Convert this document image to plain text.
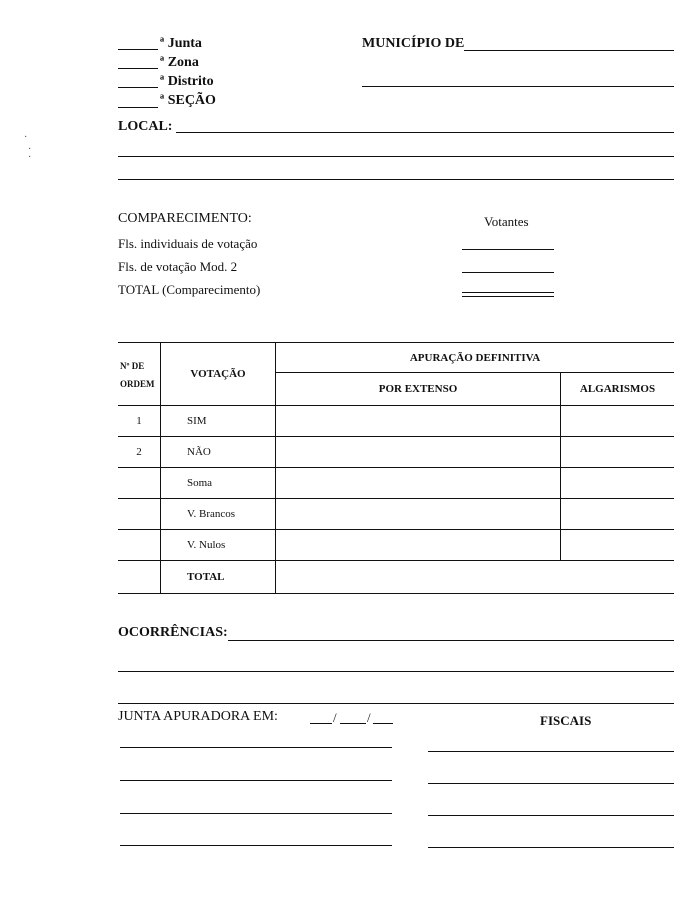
ª Junta
ª Zona
ª Distrito
ª SEÇÃO
MUNICÍPIO DE
LOCAL:
·
·
·
COMPARECIMENTO:	Votantes
Fls. individuais de votação
Fls. de votação Mod. 2
TOTAL (Comparecimento)
Nº DE
ORDEM	VOTAÇÃO	APURAÇÃO DEFINITIVA	
		POR EXTENSO	ALGARISMOS
1	SIM		
2	NÃO		
	Soma		
	V. Brancos		
	V. Nulos		
	TOTAL		
OCORRÊNCIAS:
JUNTA APURADORA EM:	/ /	FISCAIS
